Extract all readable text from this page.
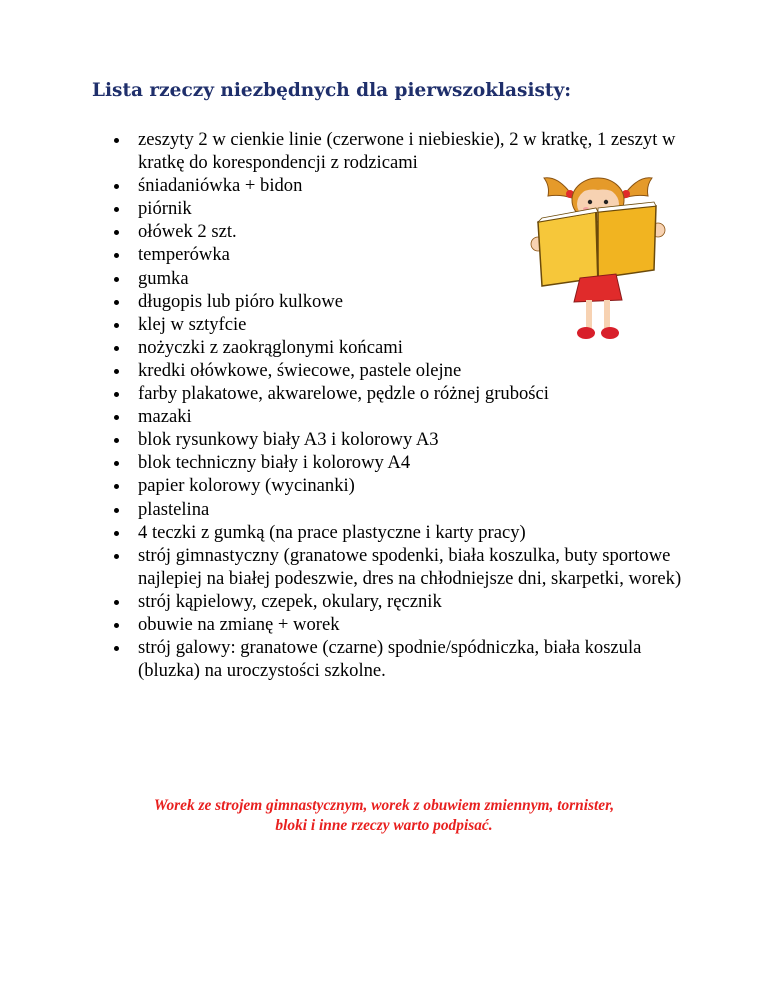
Lista rzeczy niezbędnych dla pierwszoklasisty:
zeszyty 2 w cienkie linie (czerwone i niebieskie), 2 w kratkę, 1 zeszyt w kratkę do korespondencji z rodzicami
śniadaniówka + bidon
piórnik
ołówek 2 szt.
temperówka
gumka
długopis lub pióro kulkowe
klej w sztyfcie
nożyczki z zaokrąglonymi końcami
kredki ołówkowe, świecowe, pastele olejne
farby plakatowe, akwarelowe, pędzle o różnej grubości
mazaki
blok rysunkowy biały A3 i kolorowy A3
blok techniczny biały i kolorowy A4
papier kolorowy (wycinanki)
plastelina
4 teczki z gumką (na prace plastyczne i karty pracy)
strój gimnastyczny (granatowe spodenki, biała koszulka, buty sportowe najlepiej na białej podeszwie, dres na chłodniejsze dni, skarpetki, worek)
strój kąpielowy, czepek, okulary, ręcznik
obuwie na zmianę + worek
strój galowy: granatowe (czarne) spodnie/spódniczka, biała koszula (bluzka) na uroczystości szkolne.
Worek ze strojem gimnastycznym, worek z obuwiem zmiennym, tornister,
bloki i inne rzeczy warto podpisać.
